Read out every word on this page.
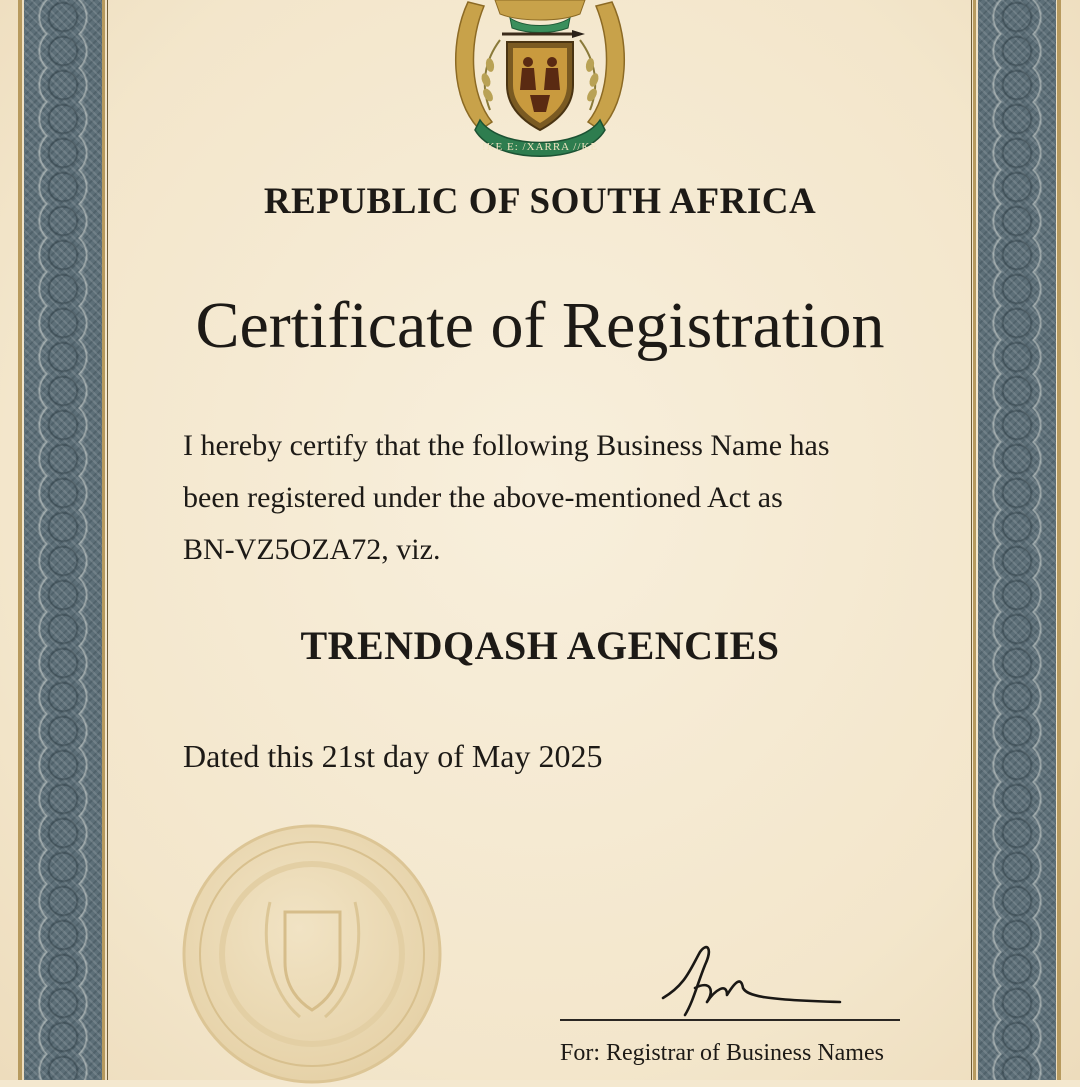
!KE E: /XARRA //KE
REPUBLIC OF SOUTH AFRICA
Certificate of Registration

I hereby certify that the following Business Name has
been registered under the above-mentioned Act as
BN-VZ5OZA72, viz.

TRENDQASH AGENCIES

Dated this 21st day of May 2025

For: Registrar of Business Names
